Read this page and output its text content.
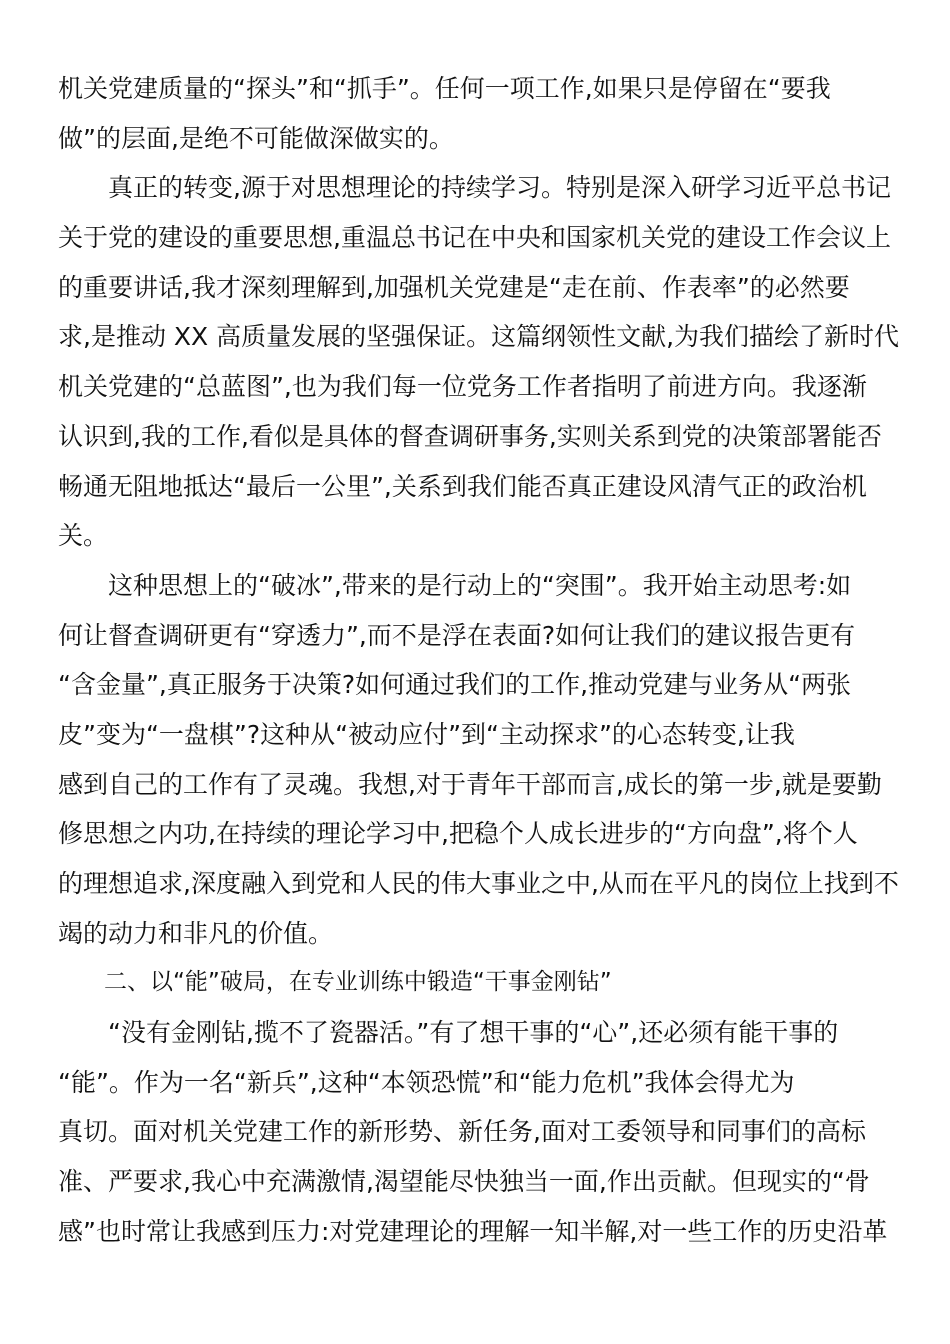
机关党建质量的“探头”和“抓手”。任何一项工作,如果只是停留在“要我
做”的层面,是绝不可能做深做实的。
　　真正的转变,源于对思想理论的持续学习。特别是深入研学习近平总书记
关于党的建设的重要思想,重温总书记在中央和国家机关党的建设工作会议上
的重要讲话,我才深刻理解到,加强机关党建是“走在前、作表率”的必然要
求,是推动 XX 高质量发展的坚强保证。这篇纲领性文献,为我们描绘了新时代
机关党建的“总蓝图”,也为我们每一位党务工作者指明了前进方向。我逐渐
认识到,我的工作,看似是具体的督查调研事务,实则关系到党的决策部署能否
畅通无阻地抵达“最后一公里”,关系到我们能否真正建设风清气正的政治机
关。
　　这种思想上的“破冰”,带来的是行动上的“突围”。我开始主动思考:如
何让督查调研更有“穿透力”,而不是浮在表面?如何让我们的建议报告更有
“含金量”,真正服务于决策?如何通过我们的工作,推动党建与业务从“两张
皮”变为“一盘棋”?这种从“被动应付”到“主动探求”的心态转变,让我
感到自己的工作有了灵魂。我想,对于青年干部而言,成长的第一步,就是要勤
修思想之内功,在持续的理论学习中,把稳个人成长进步的“方向盘”,将个人
的理想追求,深度融入到党和人民的伟大事业之中,从而在平凡的岗位上找到不
竭的动力和非凡的价值。
　　二、以“能”破局，在专业训练中锻造“干事金刚钻”
　　“没有金刚钻,揽不了瓷器活。”有了想干事的“心”,还必须有能干事的
“能”。作为一名“新兵”,这种“本领恐慌”和“能力危机”我体会得尤为
真切。面对机关党建工作的新形势、新任务,面对工委领导和同事们的高标
准、严要求,我心中充满激情,渴望能尽快独当一面,作出贡献。但现实的“骨
感”也时常让我感到压力:对党建理论的理解一知半解,对一些工作的历史沿革
